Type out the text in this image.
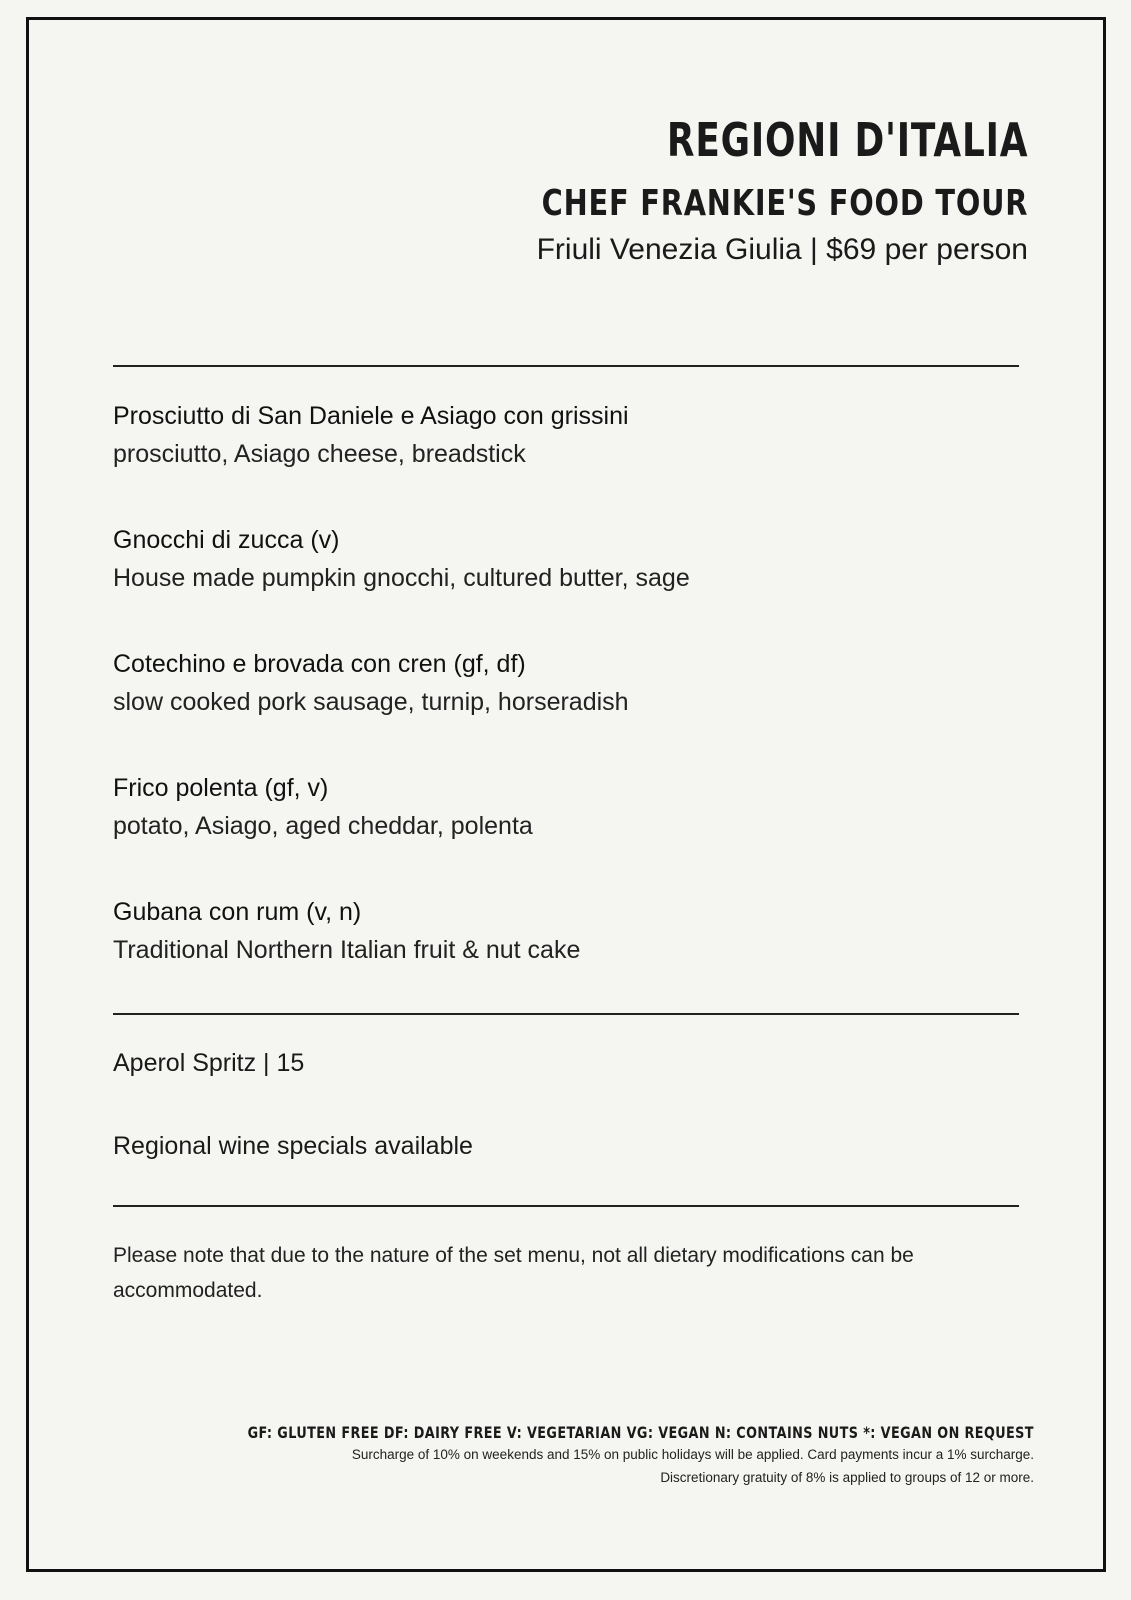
REGIONI D'ITALIA
CHEF FRANKIE'S FOOD TOUR
Friuli Venezia Giulia | $69 per person
Prosciutto di San Daniele e Asiago con grissini
prosciutto, Asiago cheese, breadstick
Gnocchi di zucca (v)
House made pumpkin gnocchi, cultured butter, sage
Cotechino e brovada con cren (gf, df)
slow cooked pork sausage, turnip, horseradish
Frico polenta (gf, v)
potato, Asiago, aged cheddar, polenta
Gubana con rum (v, n)
Traditional Northern Italian fruit & nut cake
Aperol Spritz | 15
Regional wine specials available
Please note that due to the nature of the set menu, not all dietary modifications can be accommodated.
GF: GLUTEN FREE DF: DAIRY FREE V: VEGETARIAN VG: VEGAN N: CONTAINS NUTS *: VEGAN ON REQUEST
Surcharge of 10% on weekends and 15% on public holidays will be applied. Card payments incur a 1% surcharge.
Discretionary gratuity of 8% is applied to groups of 12 or more.
